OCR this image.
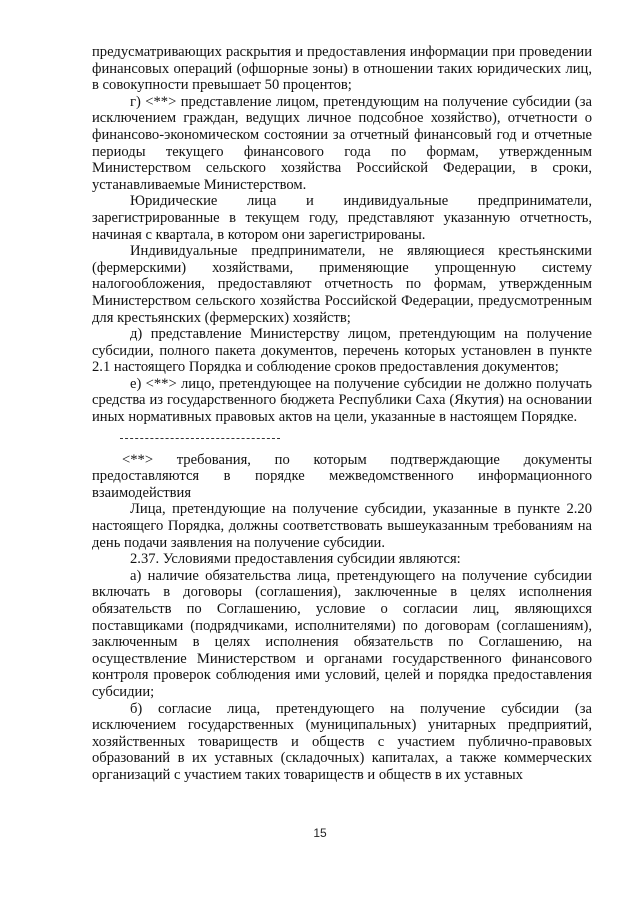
предусматривающих раскрытия и предоставления информации при проведении финансовых операций (офшорные зоны) в отношении таких юридических лиц, в совокупности превышает 50 процентов;

г) <**> представление лицом, претендующим на получение субсидии (за исключением граждан, ведущих личное подсобное хозяйство), отчетности о финансово-экономическом состоянии за отчетный финансовый год и отчетные периоды текущего финансового года по формам, утвержденным Министерством сельского хозяйства Российской Федерации, в сроки, устанавливаемые Министерством.

Юридические лица и индивидуальные предприниматели, зарегистрированные в текущем году, представляют указанную отчетность, начиная с квартала, в котором они зарегистрированы.

Индивидуальные предприниматели, не являющиеся крестьянскими (фермерскими) хозяйствами, применяющие упрощенную систему налогообложения, предоставляют отчетность по формам, утвержденным Министерством сельского хозяйства Российской Федерации, предусмотренным для крестьянских (фермерских) хозяйств;

д) представление Министерству лицом, претендующим на получение субсидии, полного пакета документов, перечень которых установлен в пункте 2.1 настоящего Порядка и соблюдение сроков предоставления документов;

е) <**> лицо, претендующее на получение субсидии не должно получать средства из государственного бюджета Республики Саха (Якутия) на основании иных нормативных правовых актов на цели, указанные в настоящем Порядке.

<**> требования, по которым подтверждающие документы предоставляются в порядке межведомственного информационного взаимодействия

Лица, претендующие на получение субсидии, указанные в пункте 2.20 настоящего Порядка, должны соответствовать вышеуказанным требованиям на день подачи заявления на получение субсидии.

2.37. Условиями предоставления субсидии являются:

а) наличие обязательства лица, претендующего на получение субсидии включать в договоры (соглашения), заключенные в целях исполнения обязательств по Соглашению, условие о согласии лиц, являющихся поставщиками (подрядчиками, исполнителями) по договорам (соглашениям), заключенным в целях исполнения обязательств по Соглашению, на осуществление Министерством и органами государственного финансового контроля проверок соблюдения ими условий, целей и порядка предоставления субсидии;

б) согласие лица, претендующего на получение субсидии (за исключением государственных (муниципальных) унитарных предприятий, хозяйственных товариществ и обществ с участием публично-правовых образований в их уставных (складочных) капиталах, а также коммерческих организаций с участием таких товариществ и обществ в их уставных

15
